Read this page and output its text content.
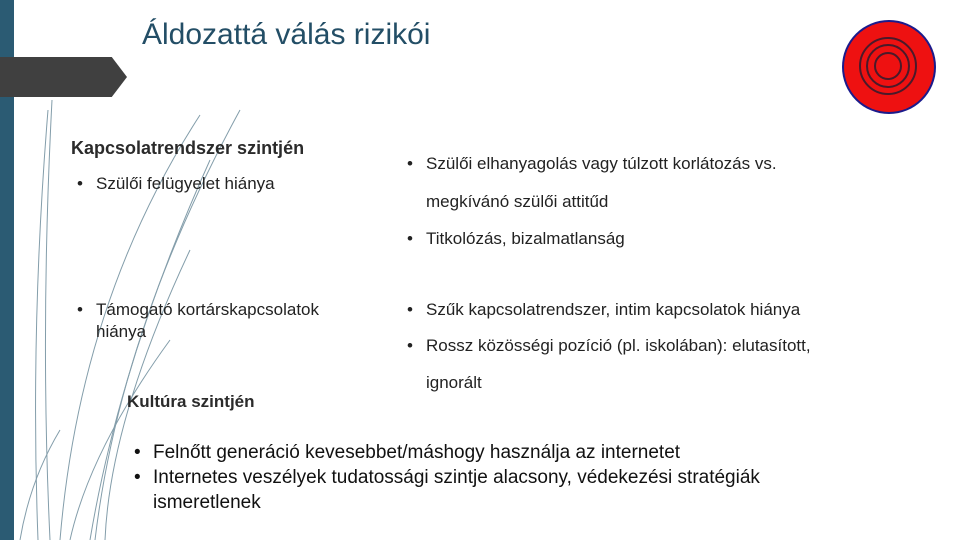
Áldozattá válás rizikói
Kapcsolatrendszer szintjén
• Szülői felügyelet hiánya
• Támogató kortárskapcsolatok
hiánya
• Szülői elhanyagolás vagy túlzott korlátozás vs.
megkívánó szülői attitűd
• Titkolózás, bizalmatlanság
• Szűk kapcsolatrendszer, intim kapcsolatok hiánya
• Rossz közösségi pozíció (pl. iskolában): elutasított,
ignorált
Kultúra szintjén
• Felnőtt generáció kevesebbet/máshogy használja az internetet
• Internetes veszélyek tudatossági szintje alacsony, védekezési stratégiák
ismeretlenek
